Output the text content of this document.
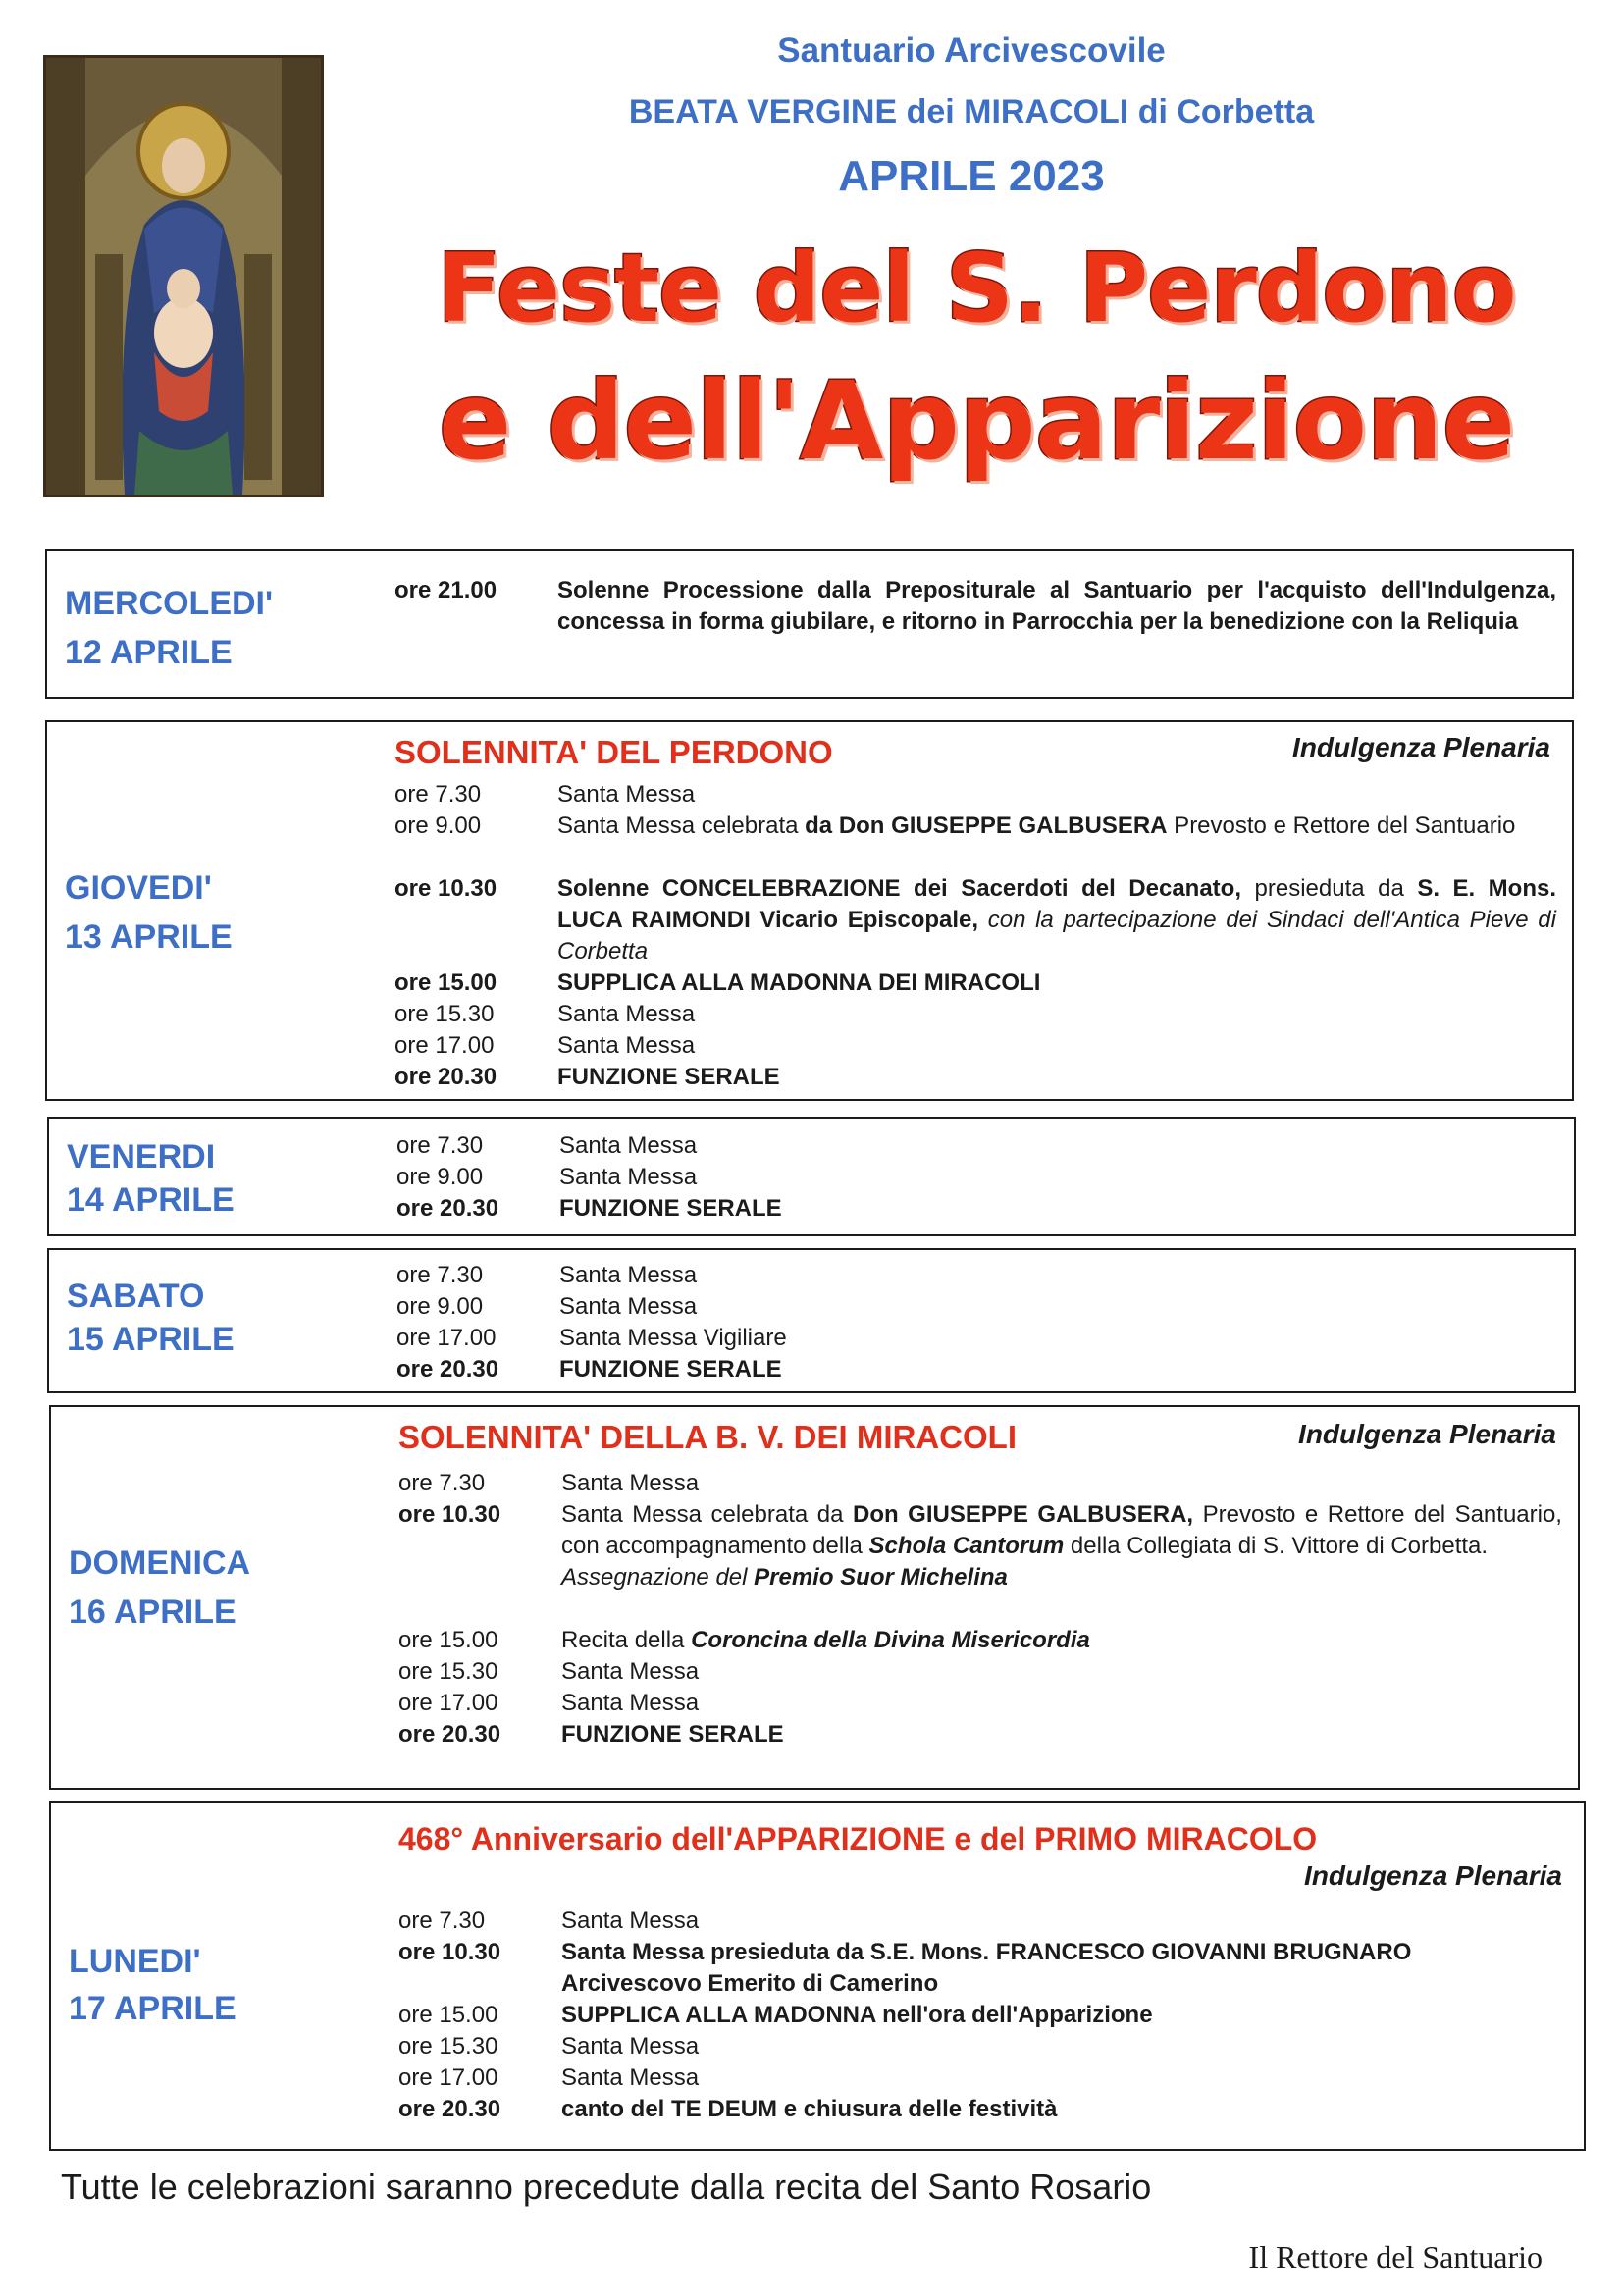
Santuario Arcivescovile
BEATA VERGINE dei MIRACOLI di Corbetta
APRILE 2023
Feste del S. Perdono
e dell'Apparizione
MERCOLEDI'
12 APRILE
ore 21.00	Solenne Processione dalla Prepositurale al Santuario per l'acquisto dell'Indulgenza, concessa in forma giubilare, e ritorno in Parrocchia per la benedizione con la Reliquia
SOLENNITA' DEL PERDONO	Indulgenza Plenaria
GIOVEDI'
13 APRILE
ore 7.30	Santa Messa
ore 9.00	Santa Messa celebrata da Don GIUSEPPE GALBUSERA Prevosto e Rettore del Santuario
ore 10.30	Solenne CONCELEBRAZIONE dei Sacerdoti del Decanato, presieduta da S. E. Mons. LUCA RAIMONDI Vicario Episcopale, con la partecipazione dei Sindaci dell'Antica Pieve di Corbetta
ore 15.00	SUPPLICA ALLA MADONNA DEI MIRACOLI
ore 15.30	Santa Messa
ore 17.00	Santa Messa
ore 20.30	FUNZIONE SERALE
VENERDI
14 APRILE
ore 7.30	Santa Messa
ore 9.00	Santa Messa
ore 20.30	FUNZIONE SERALE
SABATO
15 APRILE
ore 7.30	Santa Messa
ore 9.00	Santa Messa
ore 17.00	Santa Messa Vigiliare
ore 20.30	FUNZIONE SERALE
SOLENNITA' DELLA B. V. DEI MIRACOLI	Indulgenza Plenaria
DOMENICA
16 APRILE
ore 7.30	Santa Messa
ore 10.30	Santa Messa celebrata da Don GIUSEPPE GALBUSERA, Prevosto e Rettore del Santuario, con accompagnamento della Schola Cantorum della Collegiata di S. Vittore di Corbetta.
Assegnazione del Premio Suor Michelina
ore 15.00	Recita della Coroncina della Divina Misericordia
ore 15.30	Santa Messa
ore 17.00	Santa Messa
ore 20.30	FUNZIONE SERALE
468° Anniversario dell'APPARIZIONE e del PRIMO MIRACOLO
Indulgenza Plenaria
LUNEDI'
17 APRILE
ore 7.30	Santa Messa
ore 10.30	Santa Messa presieduta da S.E. Mons. FRANCESCO GIOVANNI BRUGNARO
Arcivescovo Emerito di Camerino
ore 15.00	SUPPLICA ALLA MADONNA nell'ora dell'Apparizione
ore 15.30	Santa Messa
ore 17.00	Santa Messa
ore 20.30	canto del TE DEUM e chiusura delle festività
Tutte le celebrazioni saranno precedute dalla recita del Santo Rosario
Il Rettore del Santuario
